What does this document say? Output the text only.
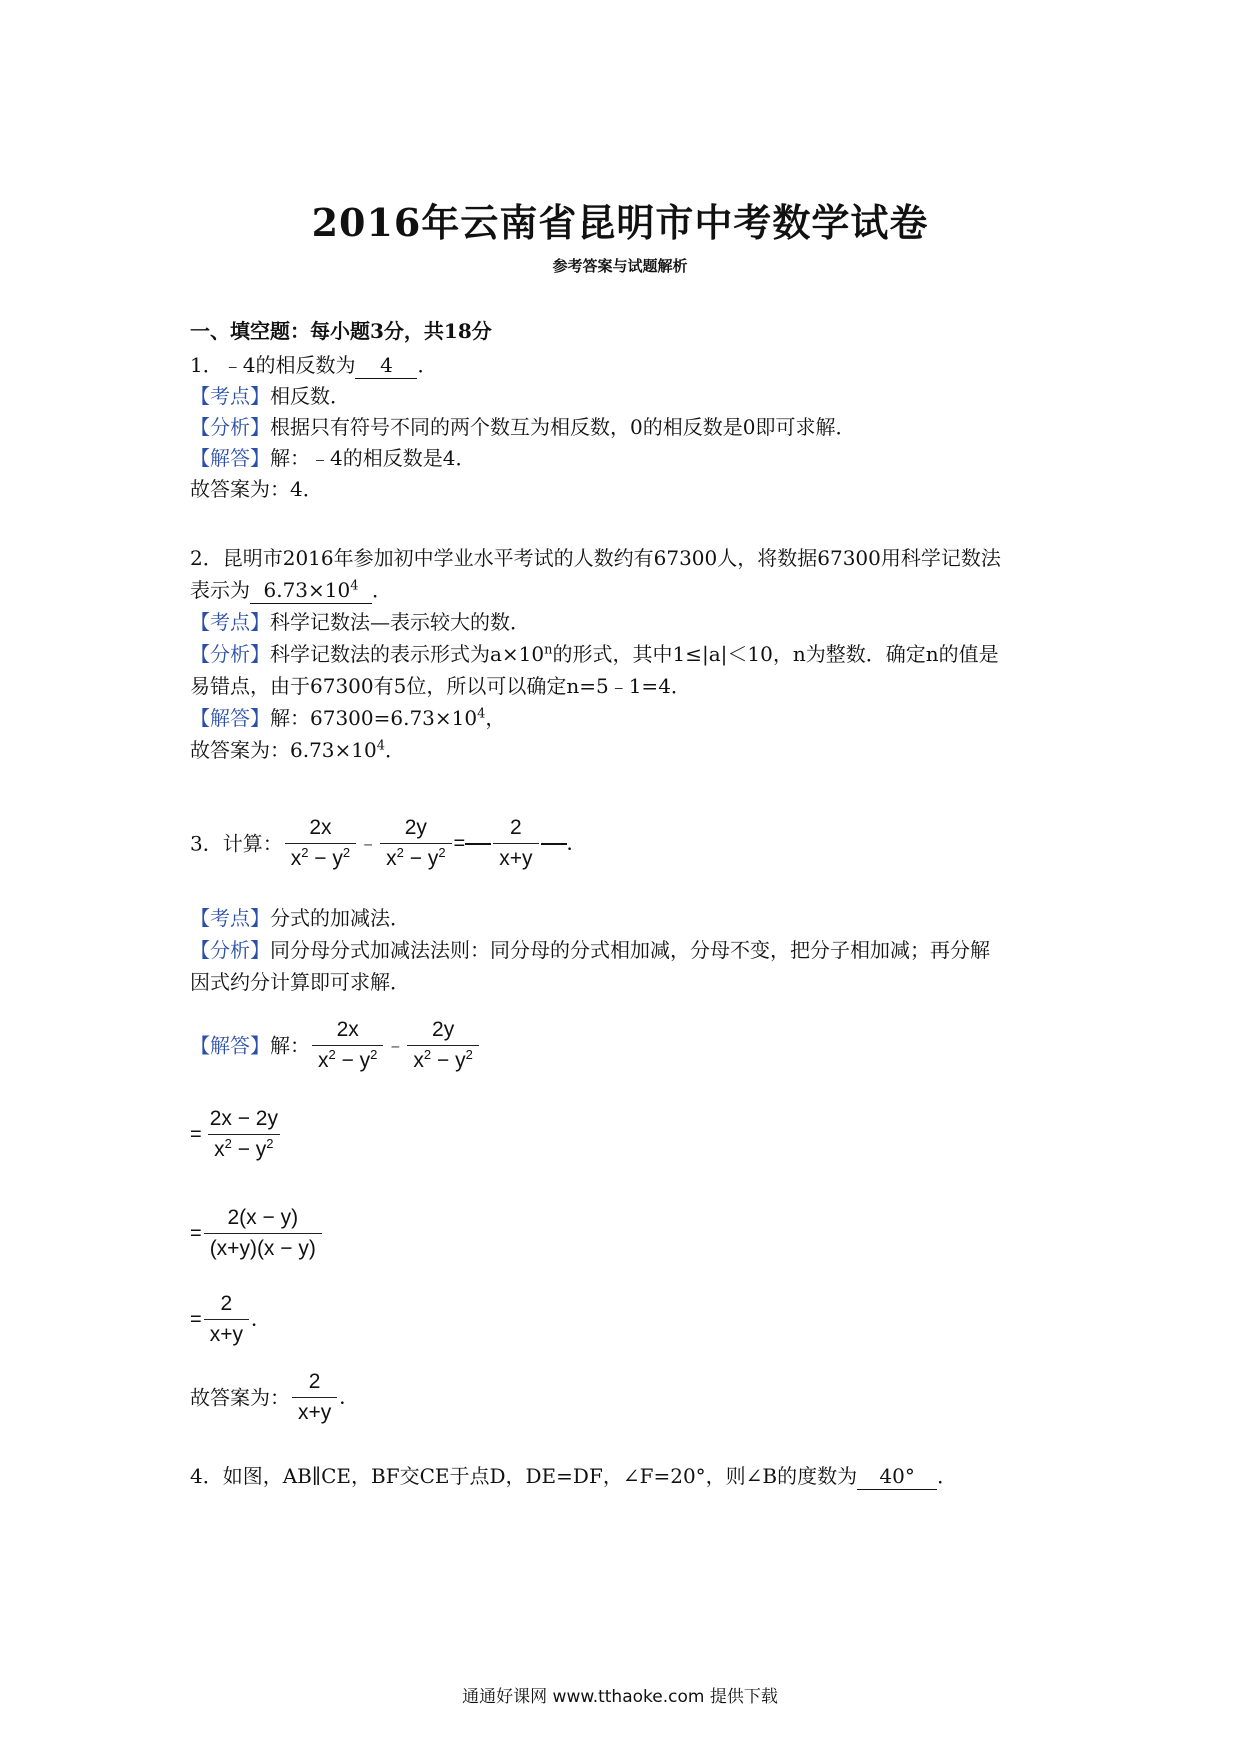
2016年云南省昆明市中考数学试卷
参考答案与试题解析
一、填空题：每小题3分，共18分
1．﹣4的相反数为 4 ．
【考点】相反数．
【分析】根据只有符号不同的两个数互为相反数，0的相反数是0即可求解．
【解答】解：﹣4的相反数是4．
故答案为：4．
2．昆明市2016年参加初中学业水平考试的人数约有67300人，将数据67300用科学记数法
表示为 $6.73\times 10^4$ ．
【考点】科学记数法—表示较大的数．
【分析】科学记数法的表示形式为$a\times 10^n$的形式，其中1≤|a|＜10，n为整数．确定n的值是
易错点，由于67300有5位，所以可以确定n=5﹣1=4．
【解答】解：$67300=6.73\times 10^4$，
故答案为：$6.73\times 10^4$．
3．计算： $\frac{2x}{x^2 - y^2}$ ﹣ $\frac{2y}{x^2 - y^2} = \frac{2}{x+y}$ ．
【考点】分式的加减法．
【分析】同分母分式加减法法则：同分母的分式相加减，分母不变，把分子相加减；再分解
因式约分计算即可求解．
【解答】解： $\frac{2x}{x^2 - y^2}$ ﹣ $\frac{2y}{x^2 - y^2}$
= $\frac{2x - 2y}{x^2 - y^2}$
= $\frac{2(x - y)}{(x+y)(x - y)}$
= $\frac{2}{x+y}$ ．
故答案为： $\frac{2}{x+y}$ ．
4．如图，AB∥CE，BF交CE于点D，DE=DF，∠F=20°，则∠B的度数为 40° ．
通通好课网 www.tthaoke.com 提供下载
